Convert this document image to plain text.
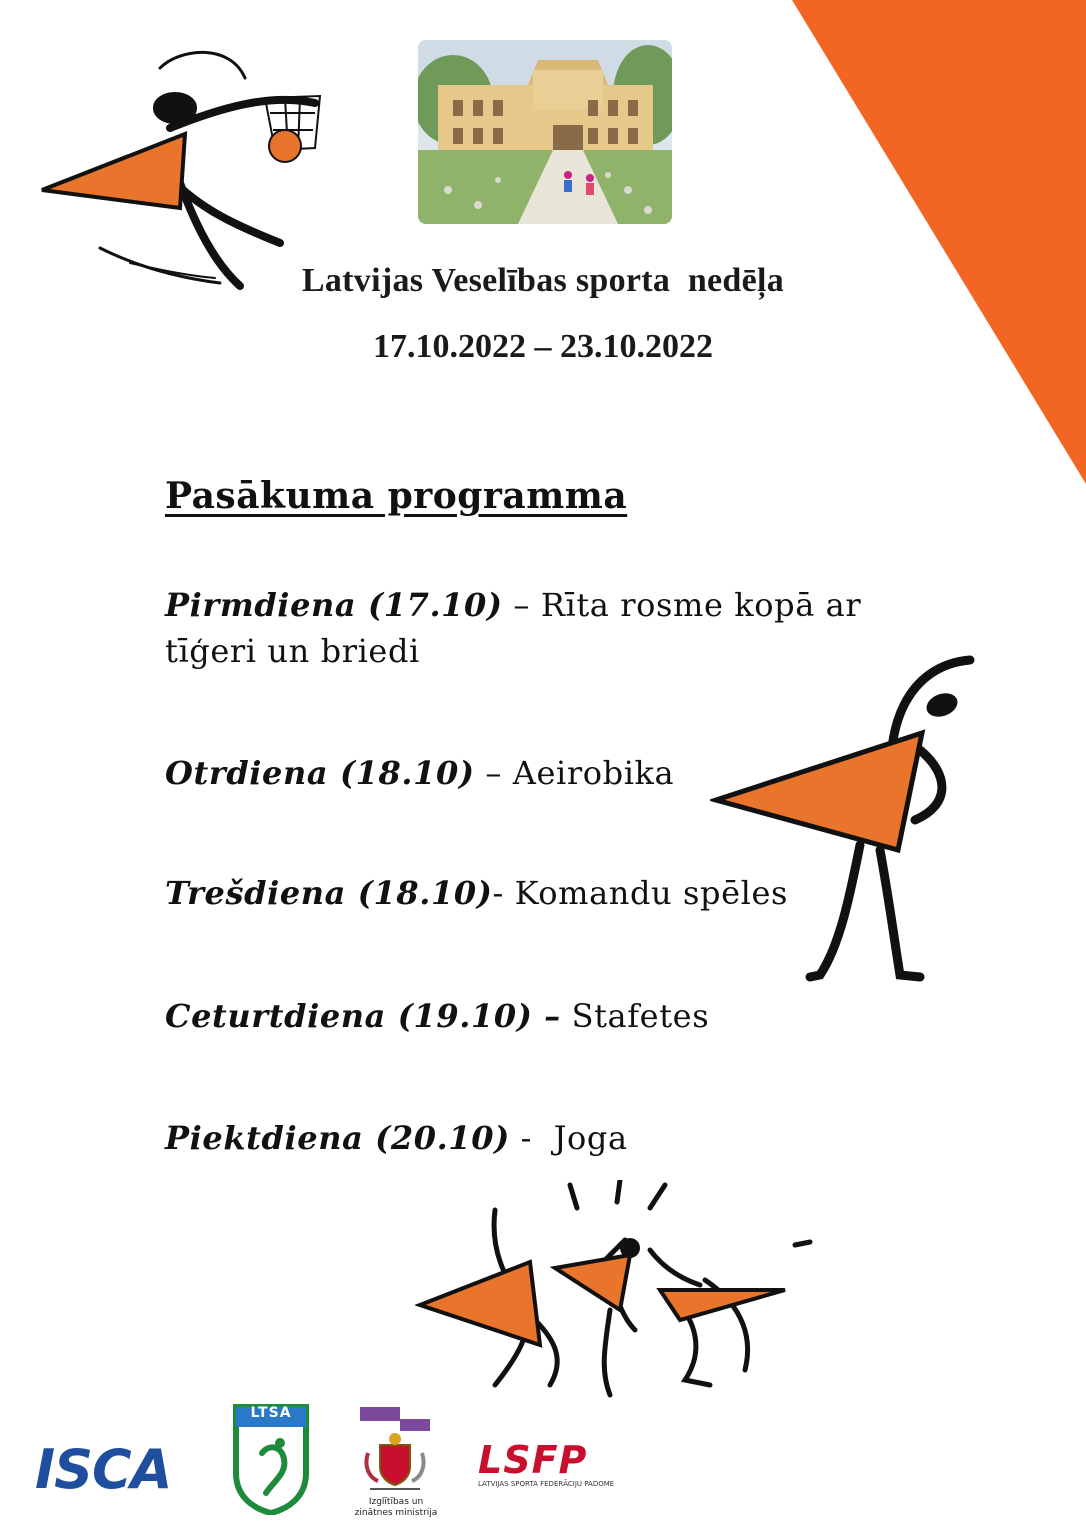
Latvijas Veselības sporta  nedēļa
17.10.2022 – 23.10.2022
Pasākuma programma
Pirmdiena (17.10) – Rīta rosme kopā ar tīģeri un briedi
Otrdiena (18.10) – Aeirobika
Trešdiena (18.10)- Komandu spēles
Ceturtdiena (19.10) – Stafetes
Piektdiena (20.10) -  Joga
ISCA
LTSA
Izglītības un zinātnes ministrija
LSFP
LATVIJAS SPORTA FEDERĀCIJU PADOME
